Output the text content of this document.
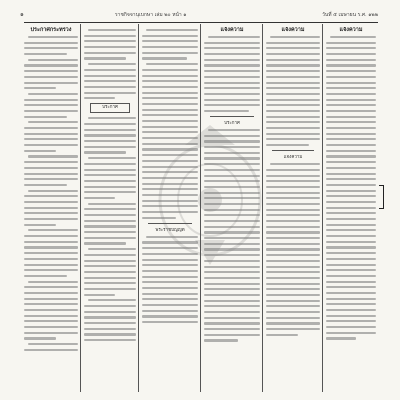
๑	ราชกิจจานุเบกษา เล่ม ๒๐ หน้า ๑	วันที่ ๕ เมษายน ร.ศ. ๑๒๒
ประกาศกระทรวง
ประกาศ
พระราชบัญญัติ
แจ้งความ
ประกาศ
แจ้งความ
แจ้งความ
แจ้งความ
